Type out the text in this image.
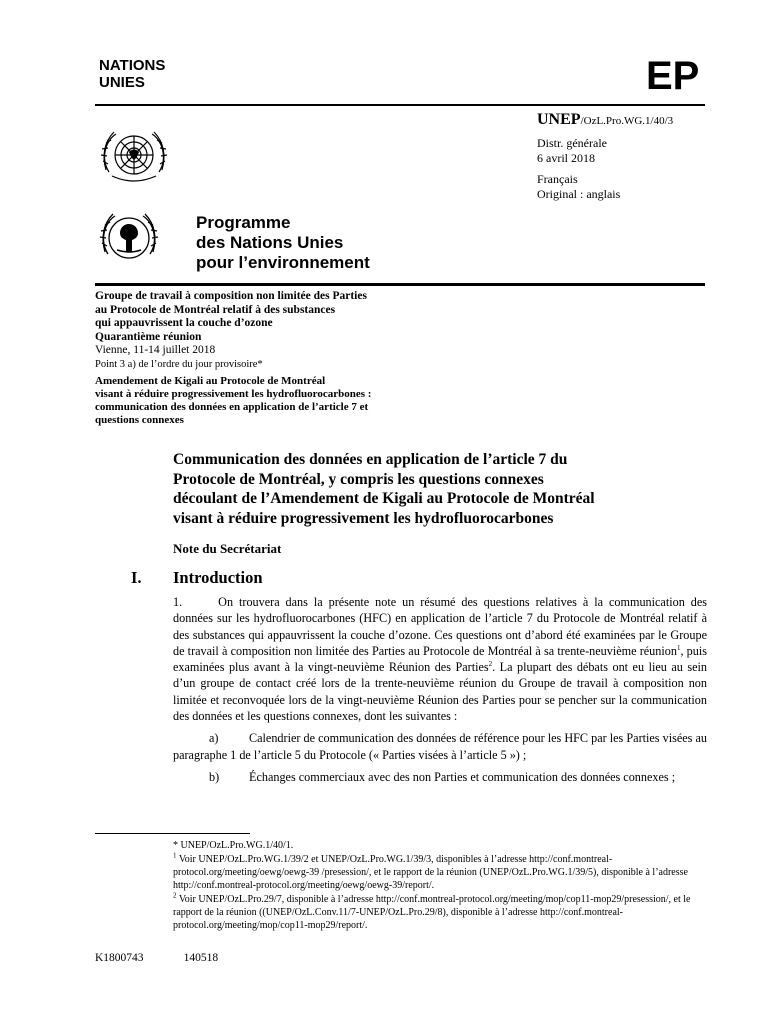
NATIONS
UNIES	EP
UNEP/OzL.Pro.WG.1/40/3
Distr. générale
6 avril 2018
Français
Original : anglais
Programme
des Nations Unies
pour l’environnement
Groupe de travail à composition non limitée des Parties
au Protocole de Montréal relatif à des substances
qui appauvrissent la couche d’ozone
Quarantième réunion
Vienne, 11-14 juillet 2018
Point 3 a) de l’ordre du jour provisoire*
Amendement de Kigali au Protocole de Montréal
visant à réduire progressivement les hydrofluorocarbones :
communication des données en application de l’article 7 et
questions connexes
Communication des données en application de l’article 7 du
Protocole de Montréal, y compris les questions connexes
découlant de l’Amendement de Kigali au Protocole de Montréal
visant à réduire progressivement les hydrofluorocarbones
Note du Secrétariat
I. Introduction

1.	On trouvera dans la présente note un résumé des questions relatives à la communication des données sur les hydrofluorocarbones (HFC) en application de l’article 7 du Protocole de Montréal relatif à des substances qui appauvrissent la couche d’ozone. Ces questions ont d’abord été examinées par le Groupe de travail à composition non limitée des Parties au Protocole de Montréal à sa trente-neuvième réunion$^1$, puis examinées plus avant à la vingt-neuvième Réunion des Parties$^2$. La plupart des débats ont eu lieu au sein d’un groupe de contact créé lors de la trente-neuvième réunion du Groupe de travail à composition non limitée et reconvoquée lors de la vingt-neuvième Réunion des Parties pour se pencher sur la communication des données et les questions connexes, dont les suivantes :

a)	Calendrier de communication des données de référence pour les HFC par les Parties visées au paragraphe 1 de l’article 5 du Protocole (« Parties visées à l’article 5 ») ;

b) Échanges commerciaux avec des non Parties et communication des données connexes ;

* UNEP/OzL.Pro.WG.1/40/1.

$^1$ Voir UNEP/OzL.Pro.WG.1/39/2 et UNEP/OzL.Pro.WG.1/39/3, disponibles à l’adresse http://conf.montreal-protocol.org/meeting/oewg/oewg-39 /presession/, et le rapport de la réunion (UNEP/OzL.Pro.WG.1/39/5), disponible à l’adresse http://conf.montreal-protocol.org/meeting/oewg/oewg-39/report/.

$^2$ Voir UNEP/OzL.Pro.29/7, disponible à l’adresse http://conf.montreal-protocol.org/meeting/mop/cop11-mop29/presession/, et le rapport de la réunion ((UNEP/OzL.Conv.11/7-UNEP/OzL.Pro.29/8), disponible à l’adresse http://conf.montreal-protocol.org/meeting/mop/cop11-mop29/report/.

K1800743	140518
